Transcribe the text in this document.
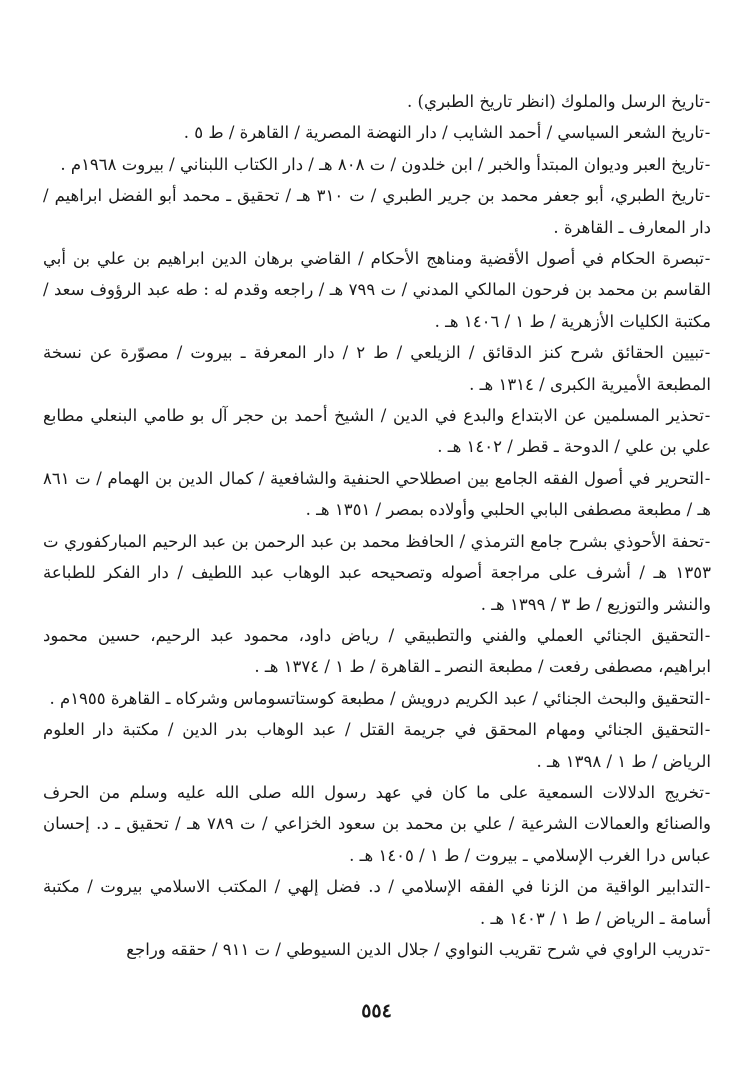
-تاريخ الرسل والملوك (انظر تاريخ الطبري) .

-تاريخ الشعر السياسي / أحمد الشايب / دار النهضة المصرية / القاهرة / ط ٥ .

-تاريخ العبر وديوان المبتدأ والخبر / ابن خلدون / ت ٨٠٨ هـ / دار الكتاب اللبناني / بيروت ١٩٦٨م .

-تاريخ الطبري، أبو جعفر محمد بن جرير الطبري / ت ٣١٠ هـ / تحقيق ـ محمد أبو الفضل ابراهيم / دار المعارف ـ القاهرة .

-تبصرة الحكام في أصول الأقضية ومناهج الأحكام / القاضي برهان الدين ابراهيم بن علي بن أبي القاسم بن محمد بن فرحون المالكي المدني / ت ٧٩٩ هـ / راجعه وقدم له : طه عبد الرؤوف سعد / مكتبة الكليات الأزهرية / ط ١ / ١٤٠٦ هـ .

-تبيين الحقائق شرح كنز الدقائق / الزيلعي / ط ٢ / دار المعرفة ـ بيروت / مصوّرة عن نسخة المطبعة الأميرية الكبرى / ١٣١٤ هـ .

-تحذير المسلمين عن الابتداع والبدع في الدين / الشيخ أحمد بن حجر آل بو طامي البنعلي مطابع علي بن علي / الدوحة ـ قطر / ١٤٠٢ هـ .

-التحرير في أصول الفقه الجامع بين اصطلاحي الحنفية والشافعية / كمال الدين بن الهمام / ت ٨٦١ هـ / مطبعة مصطفى البابي الحلبي وأولاده بمصر / ١٣٥١ هـ .

-تحفة الأحوذي بشرح جامع الترمذي / الحافظ محمد بن عبد الرحمن بن عبد الرحيم المباركفوري ت ١٣٥٣ هـ / أشرف على مراجعة أصوله وتصحيحه عبد الوهاب عبد اللطيف / دار الفكر للطباعة والنشر والتوزيع / ط ٣ / ١٣٩٩ هـ .

-التحقيق الجنائي العملي والفني والتطبيقي / رياض داود، محمود عبد الرحيم، حسين محمود ابراهيم، مصطفى رفعت / مطبعة النصر ـ القاهرة / ط ١ / ١٣٧٤ هـ .

-التحقيق والبحث الجنائي / عبد الكريم درويش / مطبعة كوستاتسوماس وشركاه ـ القاهرة ١٩٥٥م .

-التحقيق الجنائي ومهام المحقق في جريمة القتل / عبد الوهاب بدر الدين / مكتبة دار العلوم الرياض / ط ١ / ١٣٩٨ هـ .

-تخريج الدلالات السمعية على ما كان في عهد رسول الله صلى الله عليه وسلم من الحرف والصنائع والعمالات الشرعية / علي بن محمد بن سعود الخزاعي / ت ٧٨٩ هـ / تحقيق ـ د. إحسان عباس درا الغرب الإسلامي ـ بيروت / ط ١ / ١٤٠٥ هـ .

-التدابير الواقية من الزنا في الفقه الإسلامي / د. فضل إلهي / المكتب الاسلامي بيروت / مكتبة أسامة ـ الرياض / ط ١ / ١٤٠٣ هـ .

-تدريب الراوي في شرح تقريب النواوي / جلال الدين السيوطي / ت ٩١١ / حققه وراجع

٥٥٤
